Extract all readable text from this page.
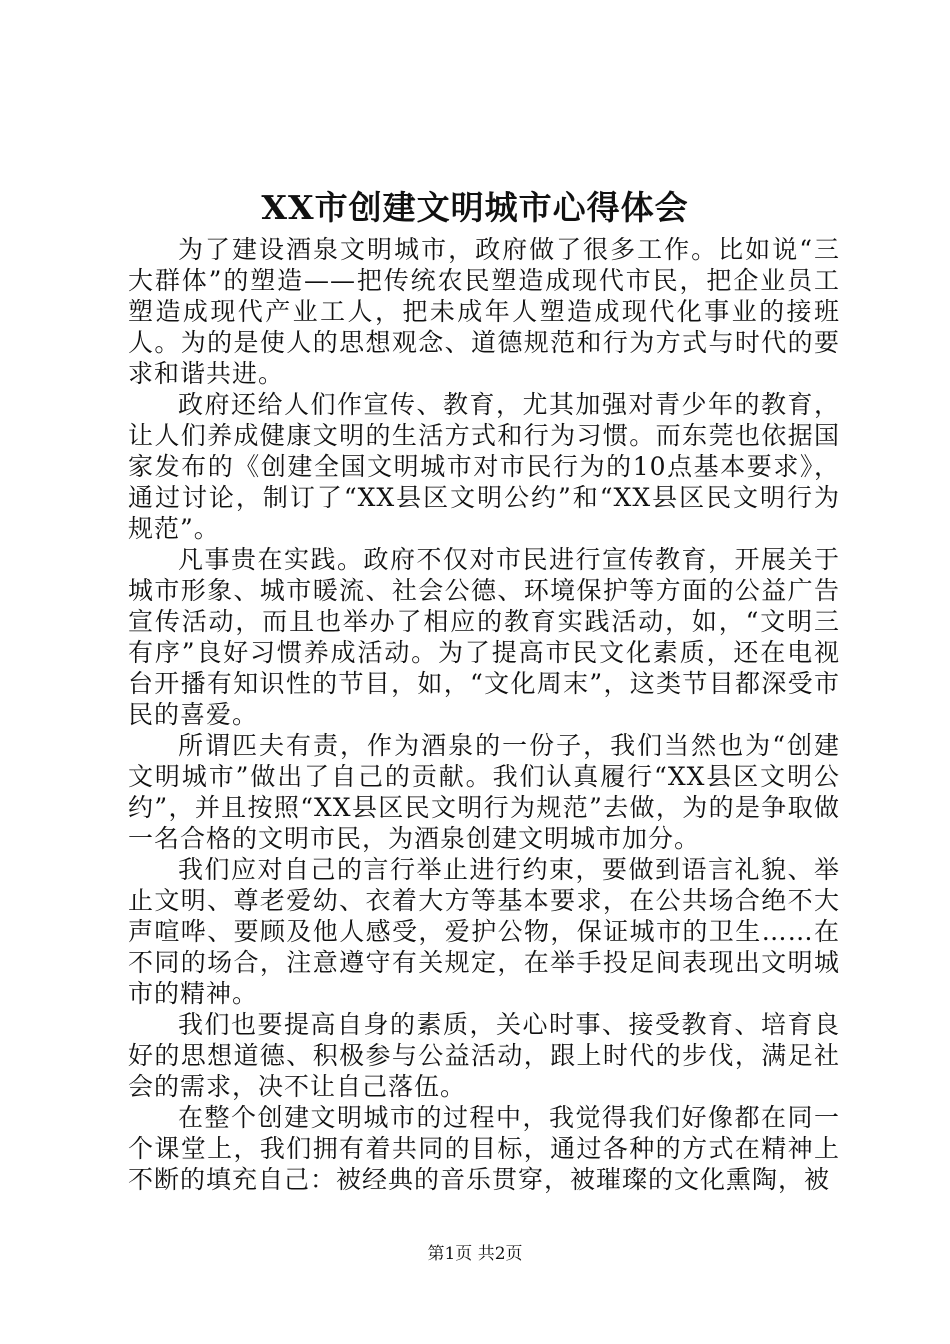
XX市创建文明城市心得体会

为了建设酒泉文明城市，政府做了很多工作。比如说“三大群体”的塑造——把传统农民塑造成现代市民，把企业员工塑造成现代产业工人，把未成年人塑造成现代化事业的接班人。为的是使人的思想观念、道德规范和行为方式与时代的要求和谐共进。

政府还给人们作宣传、教育，尤其加强对青少年的教育，让人们养成健康文明的生活方式和行为习惯。而东莞也依据国家发布的《创建全国文明城市对市民行为的10点基本要求》，通过讨论，制订了“XX县区文明公约”和“XX县区民文明行为规范”。

凡事贵在实践。政府不仅对市民进行宣传教育，开展关于城市形象、城市暖流、社会公德、环境保护等方面的公益广告宣传活动，而且也举办了相应的教育实践活动，如，“文明三有序”良好习惯养成活动。为了提高市民文化素质，还在电视台开播有知识性的节目，如，“文化周末”，这类节目都深受市民的喜爱。

所谓匹夫有责，作为酒泉的一份子，我们当然也为“创建文明城市”做出了自己的贡献。我们认真履行“XX县区文明公约”，并且按照“XX县区民文明行为规范”去做，为的是争取做一名合格的文明市民，为酒泉创建文明城市加分。

我们应对自己的言行举止进行约束，要做到语言礼貌、举止文明、尊老爱幼、衣着大方等基本要求，在公共场合绝不大声喧哗、要顾及他人感受，爱护公物，保证城市的卫生……在不同的场合，注意遵守有关规定，在举手投足间表现出文明城市的精神。

我们也要提高自身的素质，关心时事、接受教育、培育良好的思想道德、积极参与公益活动，跟上时代的步伐，满足社会的需求，决不让自己落伍。

在整个创建文明城市的过程中，我觉得我们好像都在同一个课堂上，我们拥有着共同的目标，通过各种的方式在精神上不断的填充自己：被经典的音乐贯穿，被璀璨的文化熏陶，被

第1页 共2页
